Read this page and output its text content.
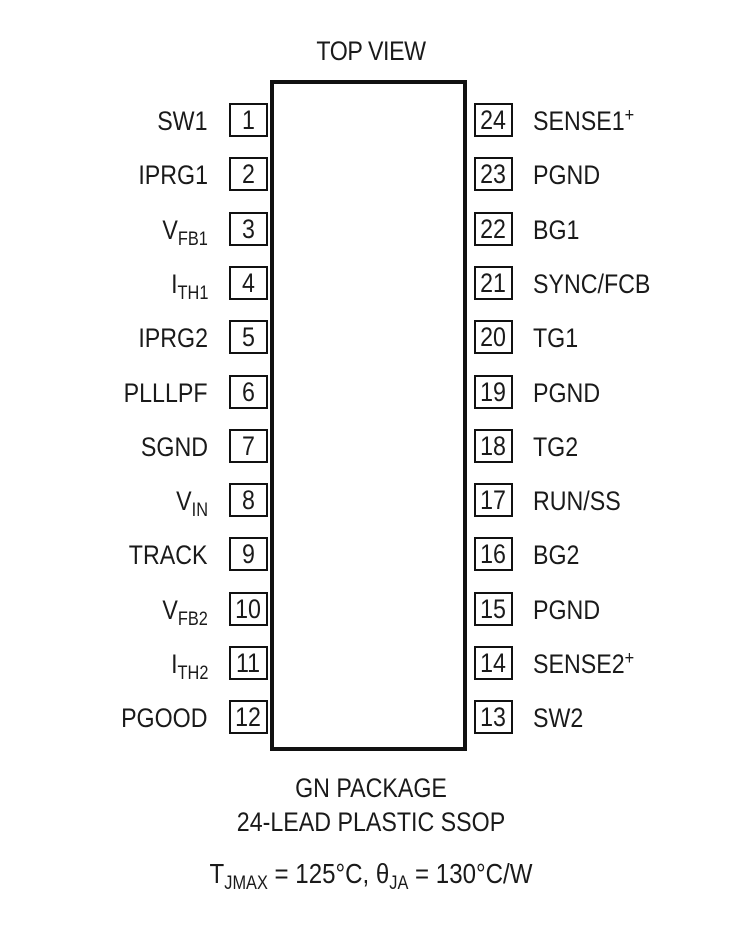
TOP VIEW
1
SW1
2
IPRG1
3
$V_{FB1}$
4
$I_{TH1}$
5
IPRG2
6
PLLLPF
7
SGND
8
$V_{IN}$
9
TRACK
10
$V_{FB2}$
11
$I_{TH2}$
12
PGOOD
24 SENSE1+
23 PGND
22 BG1
21 SYNC/FCB
20 TG1
19 PGND
18 TG2
17 RUN/SS
16 BG2
15 PGND
14 SENSE2+
13 SW2
GN PACKAGE
24-LEAD PLASTIC SSOP
$T_{JMAX} = 125^\circ C$, $\theta_{JA} = 130^\circ C/W$
